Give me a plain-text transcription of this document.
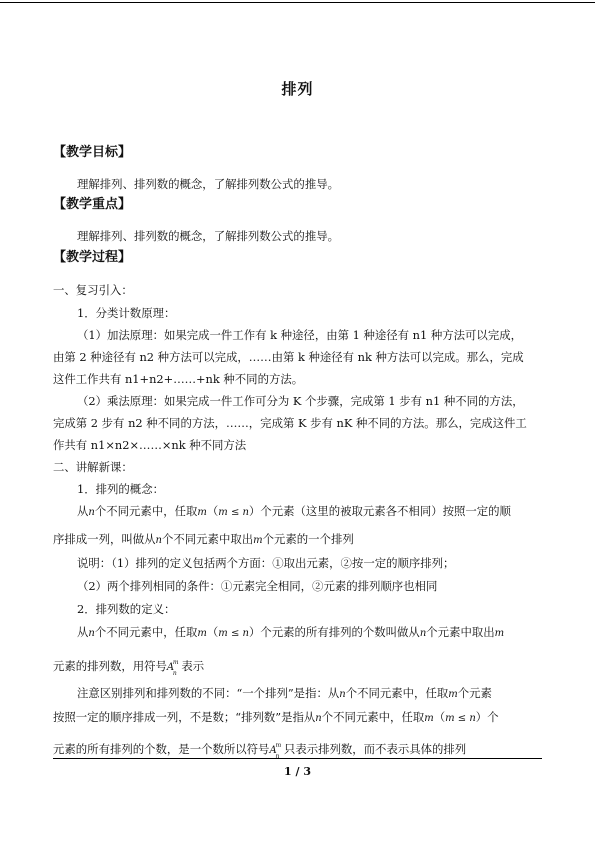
排列
【教学目标】
理解排列、排列数的概念，了解排列数公式的推导。
【教学重点】
理解排列、排列数的概念，了解排列数公式的推导。
【教学过程】
一、复习引入：
1．分类计数原理：
（1）加法原理：如果完成一件工作有 k 种途径，由第 1 种途径有 n1 种方法可以完成，
由第 2 种途径有 n2 种方法可以完成，……由第 k 种途径有 nk 种方法可以完成。那么，完成
这件工作共有 n1+n2+……+nk 种不同的方法。
（2）乘法原理：如果完成一件工作可分为 K 个步骤，完成第 1 步有 n1 种不同的方法，
完成第 2 步有 n2 种不同的方法，……，完成第 K 步有 nK 种不同的方法。那么，完成这件工
作共有 n1×n2×……×nk 种不同方法
二、讲解新课：
1．排列的概念：
从n个不同元素中，任取m（m ≤ n）个元素（这里的被取元素各不相同）按照一定的顺
序排成一列，叫做从n个不同元素中取出m个元素的一个排列
说明：（1）排列的定义包括两个方面：①取出元素，②按一定的顺序排列；
（2）两个排列相同的条件：①元素完全相同，②元素的排列顺序也相同
2．排列数的定义：
从n个不同元素中，任取m（m ≤ n）个元素的所有排列的个数叫做从n个元素中取出m
元素的排列数，用符号A
m
n
表示
注意区别排列和排列数的不同：“一个排列”是指：从n个不同元素中，任取m个元素
按照一定的顺序排成一列，不是数；“排列数”是指从n个不同元素中，任取m（m ≤ n）个
元素的所有排列的个数，是一个数所以符号A
m
n
只表示排列数，而不表示具体的排列
1 / 3
